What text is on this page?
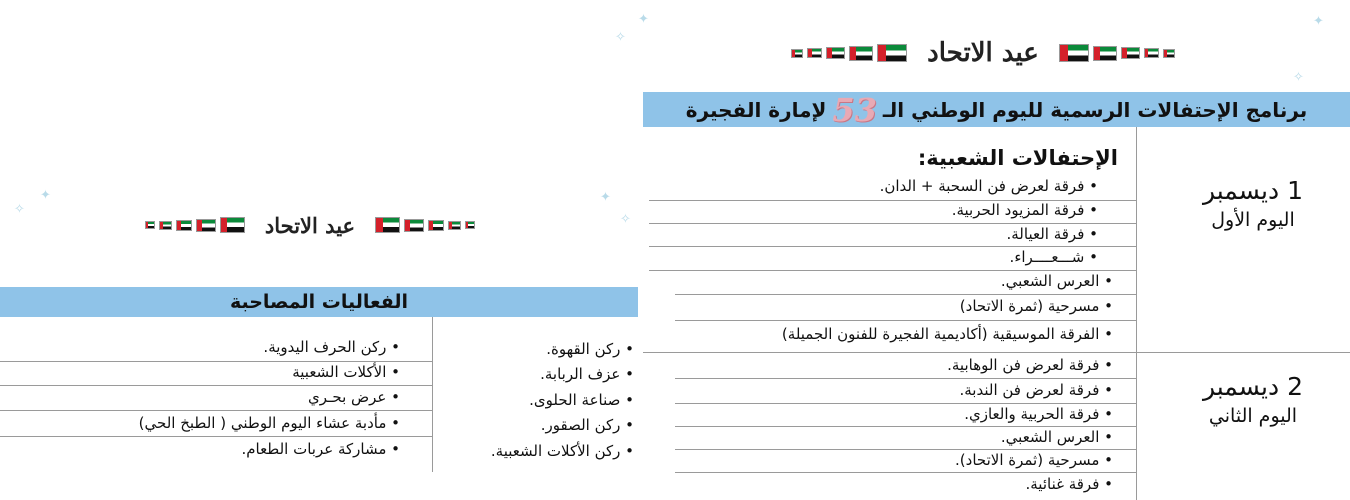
✦
✧
✦
✧
عيد الاتحاد
برنامج الإحتفالات الرسمية لليوم الوطني الـ
53
لإمارة الفجيرة
1 ديسمبر
اليوم الأول
2 ديسمبر
اليوم الثاني
الإحتفالات الشعبية:
• فرقة لعرض فن السحبة + الدان.
• فرقة المزيود الحربية.
• فرقة العيالة.
• شـــعــــراء.
• العرس الشعبي.
• مسرحية (ثمرة الاتحاد)
• الفرقة الموسيقية (أكاديمية الفجيرة للفنون الجميلة)
• فرقة لعرض فن الوهابية.
• فرقة لعرض فن الندبة.
• فرقة الحربية والعازي.
• العرس الشعبي.
• مسرحية (ثمرة الاتحاد).
• فرقة غنائية.
✧
✦	✦
✧
عيد الاتحاد
الفعاليات المصاحبة
• ركن القهوة.
• عزف الربابة.
• صناعة الحلوى.
• ركن الصقور.
• ركن الأكلات الشعبية.
• ركن الحرف اليدوية.
• الأكلات الشعبية
• عرض بحـري
• مأدبة عشاء اليوم الوطني ( الطبخ الحي)
• مشاركة عربات الطعام.
